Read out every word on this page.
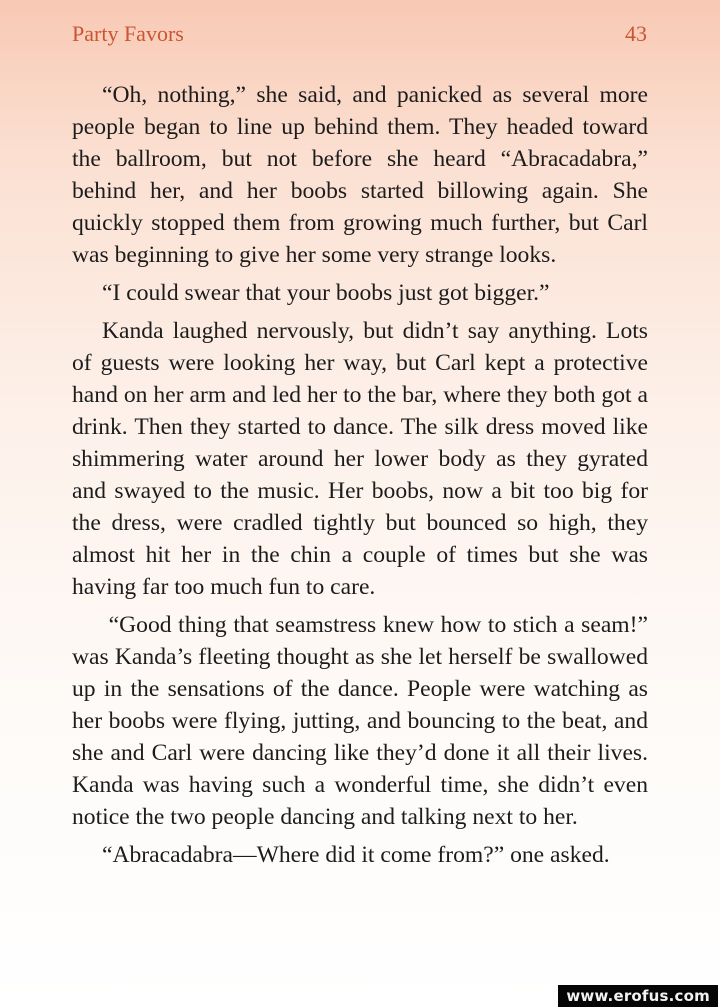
Party Favors	43

“Oh, nothing,” she said, and panicked as several more people began to line up behind them. They headed toward the ballroom, but not before she heard “Abracadabra,” behind her, and her boobs started billowing again. She quickly stopped them from growing much further, but Carl was beginning to give her some very strange looks.

“I could swear that your boobs just got bigger.”

Kanda laughed nervously, but didn’t say anything. Lots of guests were looking her way, but Carl kept a protective hand on her arm and led her to the bar, where they both got a drink. Then they started to dance. The silk dress moved like shimmering water around her lower body as they gyrated and swayed to the music. Her boobs, now a bit too big for the dress, were cradled tightly but bounced so high, they almost hit her in the chin a couple of times but she was having far too much fun to care.

“Good thing that seamstress knew how to stich a seam!” was Kanda’s fleeting thought as she let herself be swallowed up in the sensations of the dance. People were watching as her boobs were flying, jutting, and bouncing to the beat, and she and Carl were dancing like they’d done it all their lives. Kanda was having such a wonderful time, she didn’t even notice the two people dancing and talking next to her.

“Abracadabra—Where did it come from?” one asked.

www.erofus.com
